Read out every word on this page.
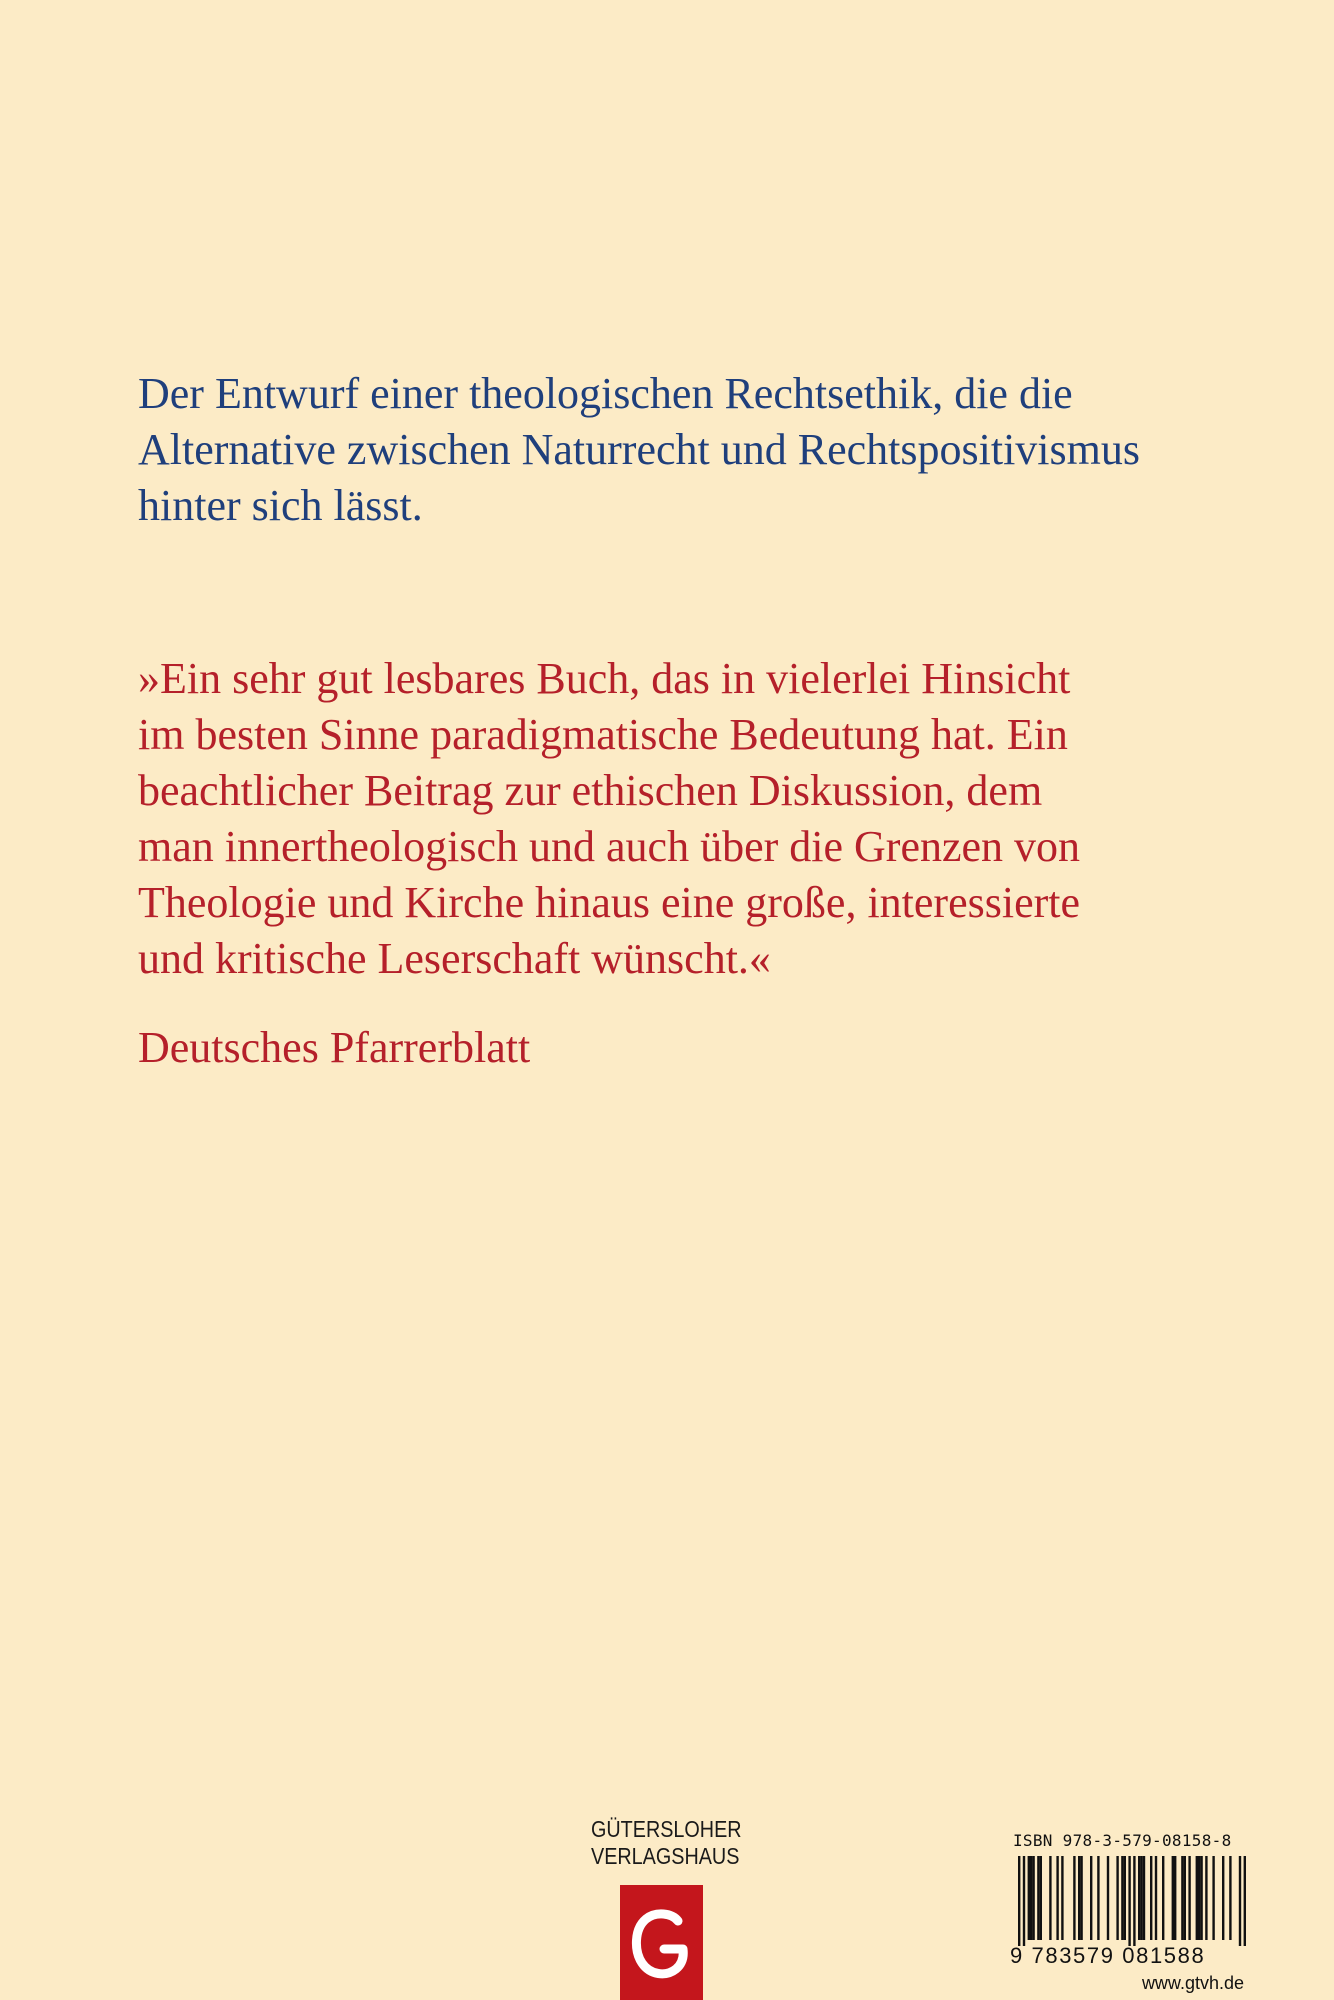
Der Entwurf einer theologischen Rechtsethik, die die
Alternative zwischen Naturrecht und Rechtspositivismus
hinter sich lässt.
»Ein sehr gut lesbares Buch, das in vielerlei Hinsicht
im besten Sinne paradigmatische Bedeutung hat. Ein
beachtlicher Beitrag zur ethischen Diskussion, dem
man innertheologisch und auch über die Grenzen von
Theologie und Kirche hinaus eine große, interessierte
und kritische Leserschaft wünscht.«
Deutsches Pfarrerblatt
GÜTERSLOHER
VERLAGSHAUS
ISBN 978-3-579-08158-8
9 783579 081588
www.gtvh.de
